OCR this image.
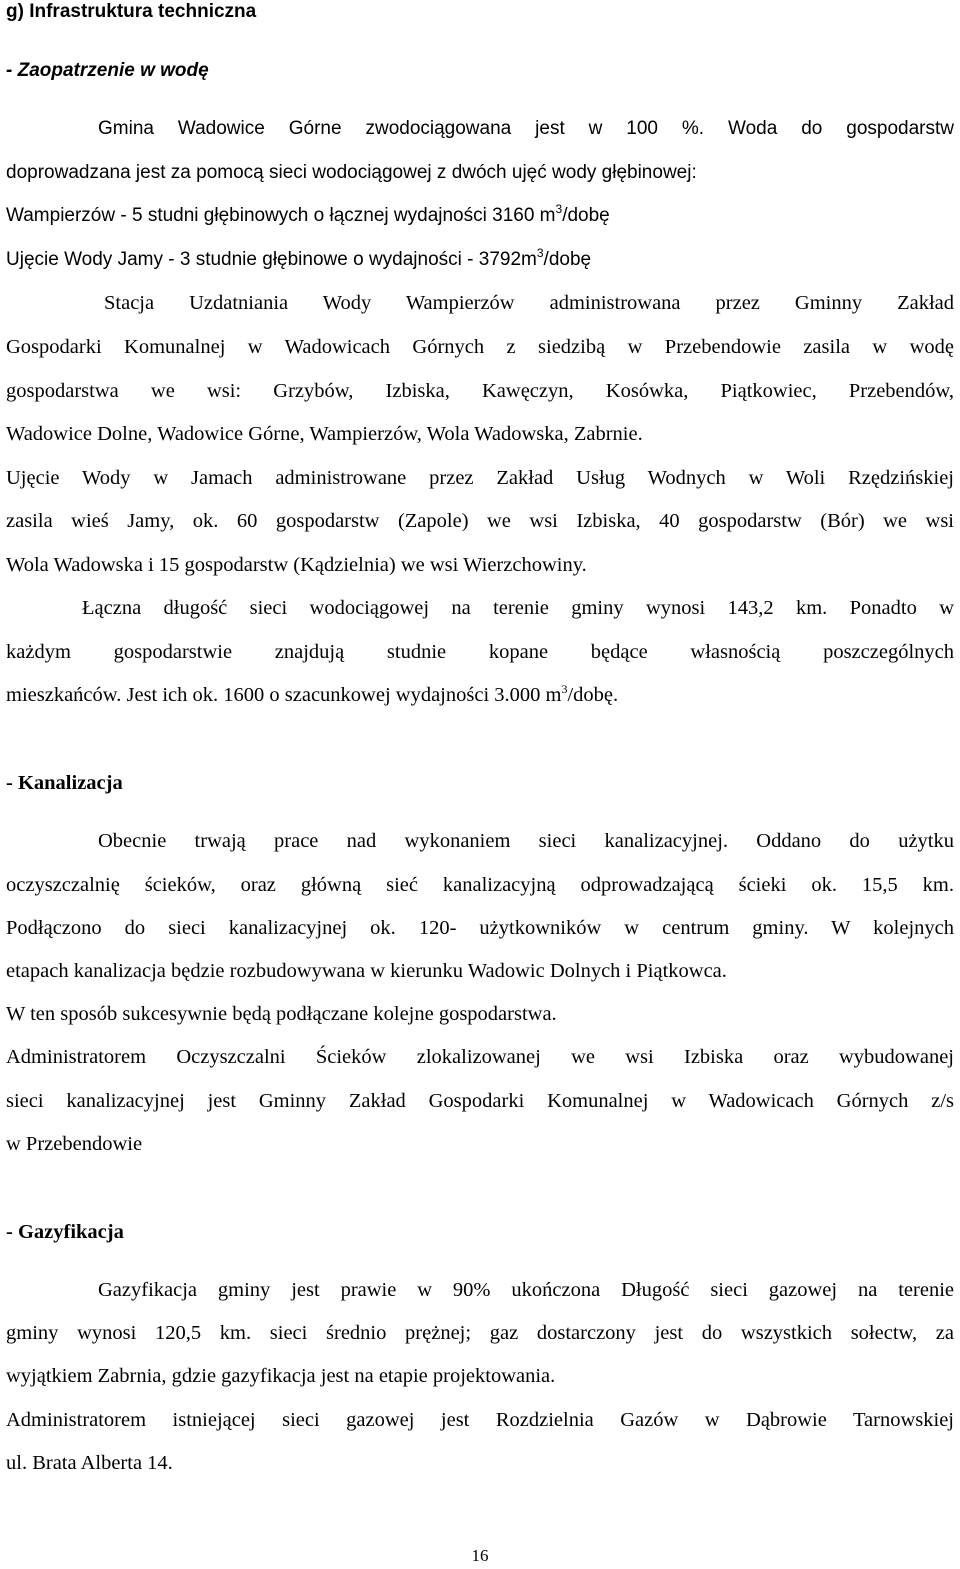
g) Infrastruktura techniczna
- Zaopatrzenie w wodę
Gmina Wadowice Górne zwodociągowana jest w 100 %. Woda do gospodarstw
doprowadzana jest za pomocą sieci wodociągowej z dwóch ujęć wody głębinowej:
Wampierzów - 5 studni głębinowych o łącznej wydajności 3160 $m^3$/dobę
Ujęcie Wody Jamy - 3 studnie głębinowe o wydajności - $3792m^3$/dobę
Stacja Uzdatniania Wody Wampierzów administrowana przez Gminny Zakład
Gospodarki Komunalnej w Wadowicach Górnych z siedzibą w Przebendowie zasila w wodę
gospodarstwa we wsi: Grzybów, Izbiska, Kawęczyn, Kosówka, Piątkowiec, Przebendów,
Wadowice Dolne, Wadowice Górne, Wampierzów, Wola Wadowska, Zabrnie.
Ujęcie Wody w Jamach administrowane przez Zakład Usług Wodnych w Woli Rzędzińskiej
zasila wieś Jamy, ok. 60 gospodarstw (Zapole) we wsi Izbiska, 40 gospodarstw (Bór) we wsi
Wola Wadowska i 15 gospodarstw (Kądzielnia) we wsi Wierzchowiny.
Łączna długość sieci wodociągowej na terenie gminy wynosi 143,2 km. Ponadto w
każdym gospodarstwie znajdują studnie kopane będące własnością poszczególnych
mieszkańców. Jest ich ok. 1600 o szacunkowej wydajności 3.000 $m^3$/dobę.
- Kanalizacja
Obecnie trwają prace nad wykonaniem sieci kanalizacyjnej. Oddano do użytku
oczyszczalnię ścieków, oraz główną sieć kanalizacyjną odprowadzającą ścieki ok. 15,5 km.
Podłączono do sieci kanalizacyjnej ok. 120- użytkowników w centrum gminy. W kolejnych
etapach kanalizacja będzie rozbudowywana w kierunku Wadowic Dolnych i Piątkowca.
W ten sposób sukcesywnie będą podłączane kolejne gospodarstwa.
Administratorem Oczyszczalni Ścieków zlokalizowanej we wsi Izbiska oraz wybudowanej
sieci kanalizacyjnej jest Gminny Zakład Gospodarki Komunalnej w Wadowicach Górnych z/s
w Przebendowie
- Gazyfikacja
Gazyfikacja gminy jest prawie w 90% ukończona Długość sieci gazowej na terenie
gminy wynosi 120,5 km. sieci średnio prężnej; gaz dostarczony jest do wszystkich sołectw, za
wyjątkiem Zabrnia, gdzie gazyfikacja jest na etapie projektowania.
Administratorem istniejącej sieci gazowej jest Rozdzielnia Gazów w Dąbrowie Tarnowskiej
ul. Brata Alberta 14.
16
